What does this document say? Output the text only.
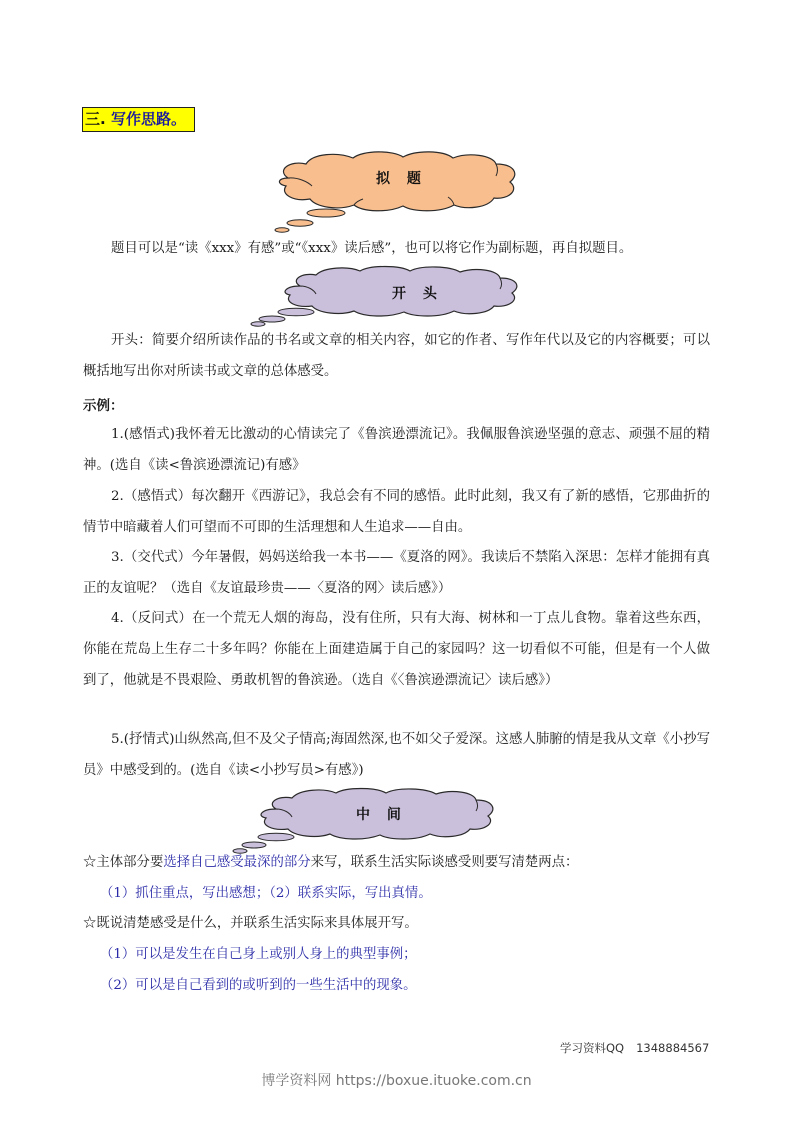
三. 写作思路。
拟 题
题目可以是“读《xxx》有感”或“《xxx》读后感”，也可以将它作为副标题，再自拟题目。
开 头
开头：简要介绍所读作品的书名或文章的相关内容，如它的作者、写作年代以及它的内容概要；可以概括地写出你对所读书或文章的总体感受。
示例：
1.(感悟式)我怀着无比激动的心情读完了《鲁滨逊漂流记》。我佩服鲁滨逊坚强的意志、顽强不屈的精神。(选自《读<鲁滨逊漂流记)有感》
2.（感悟式）每次翻开《西游记》，我总会有不同的感悟。此时此刻，我又有了新的感悟，它那曲折的情节中暗藏着人们可望而不可即的生活理想和人生追求——自由。
3.（交代式）今年暑假，妈妈送给我一本书——《夏洛的网》。我读后不禁陷入深思：怎样才能拥有真正的友谊呢？（选自《友谊最珍贵——〈夏洛的网〉读后感》）
4.（反问式）在一个荒无人烟的海岛，没有住所，只有大海、树林和一丁点儿食物。靠着这些东西，你能在荒岛上生存二十多年吗？你能在上面建造属于自己的家园吗？这一切看似不可能，但是有一个人做到了，他就是不畏艰险、勇敢机智的鲁滨逊。（选自《〈鲁滨逊漂流记〉读后感》）
5.(抒情式)山纵然高,但不及父子情高;海固然深,也不如父子爱深。这感人肺腑的情是我从文章《小抄写员》中感受到的。(选自《读<小抄写员>有感》)
中 间
☆主体部分要选择自己感受最深的部分来写，联系生活实际谈感受则要写清楚两点：
（1）抓住重点，写出感想；（2）联系实际，写出真情。
☆既说清楚感受是什么，并联系生活实际来具体展开写。
（1）可以是发生在自己身上或别人身上的典型事例；
（2）可以是自己看到的或听到的一些生活中的现象。
学习资料QQ 1348884567
博学资料网 https://boxue.ituoke.com.cn
